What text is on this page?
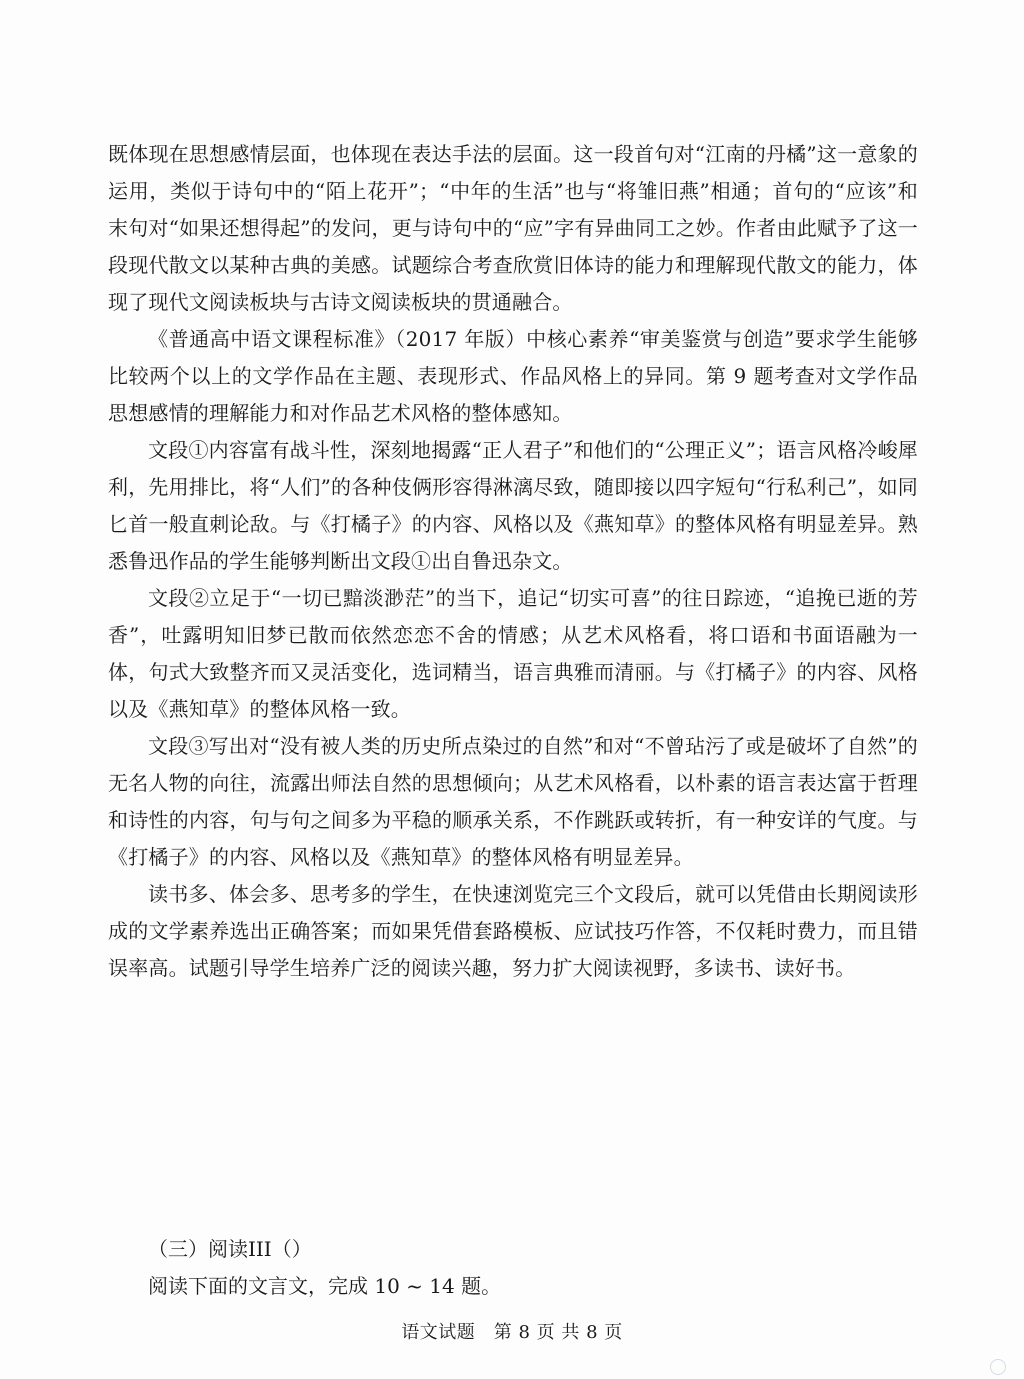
既体现在思想感情层面，也体现在表达手法的层面。这一段首句对“江南的丹橘”这一意象的运用，类似于诗句中的“陌上花开”；“中年的生活”也与“将雏旧燕”相通；首句的“应该”和末句对“如果还想得起”的发问，更与诗句中的“应”字有异曲同工之妙。作者由此赋予了这一段现代散文以某种古典的美感。试题综合考查欣赏旧体诗的能力和理解现代散文的能力，体现了现代文阅读板块与古诗文阅读板块的贯通融合。

《普通高中语文课程标准》（2017 年版）中核心素养“审美鉴赏与创造”要求学生能够比较两个以上的文学作品在主题、表现形式、作品风格上的异同。第 9 题考查对文学作品思想感情的理解能力和对作品艺术风格的整体感知。

文段①内容富有战斗性，深刻地揭露“正人君子”和他们的“公理正义”；语言风格冷峻犀利，先用排比，将“人们”的各种伎俩形容得淋漓尽致，随即接以四字短句“行私利己”，如同匕首一般直刺论敌。与《打橘子》的内容、风格以及《燕知草》的整体风格有明显差异。熟悉鲁迅作品的学生能够判断出文段①出自鲁迅杂文。

文段②立足于“一切已黯淡渺茫”的当下，追记“切实可喜”的往日踪迹，“追挽已逝的芳香”，吐露明知旧梦已散而依然恋恋不舍的情感；从艺术风格看，将口语和书面语融为一体，句式大致整齐而又灵活变化，选词精当，语言典雅而清丽。与《打橘子》的内容、风格以及《燕知草》的整体风格一致。

文段③写出对“没有被人类的历史所点染过的自然”和对“不曾玷污了或是破坏了自然”的无名人物的向往，流露出师法自然的思想倾向；从艺术风格看，以朴素的语言表达富于哲理和诗性的内容，句与句之间多为平稳的顺承关系，不作跳跃或转折，有一种安详的气度。与《打橘子》的内容、风格以及《燕知草》的整体风格有明显差异。

读书多、体会多、思考多的学生，在快速浏览完三个文段后，就可以凭借由长期阅读形成的文学素养选出正确答案；而如果凭借套路模板、应试技巧作答，不仅耗时费力，而且错误率高。试题引导学生培养广泛的阅读兴趣，努力扩大阅读视野，多读书、读好书。

（三）阅读III（）

阅读下面的文言文，完成 10 ~ 14 题。

语文试题　第 8 页 共 8 页
